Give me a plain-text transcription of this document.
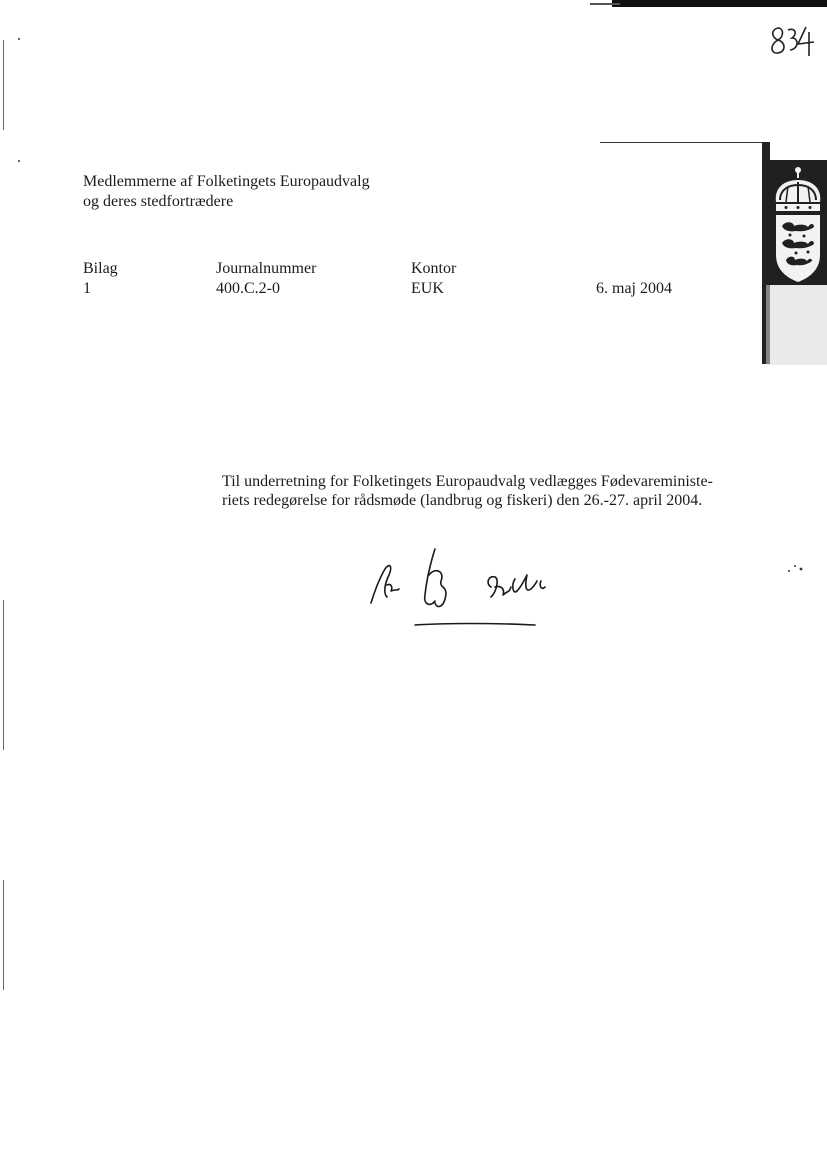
Medlemmerne af Folketingets Europaudvalg
og deres stedfortrædere
Bilag
1
Journalnummer
400.C.2-0
Kontor
EUK	6. maj 2004
Til underretning for Folketingets Europaudvalg vedlægges Fødevareministe-
riets redegørelse for rådsmøde (landbrug og fiskeri) den 26.-27. april 2004.
